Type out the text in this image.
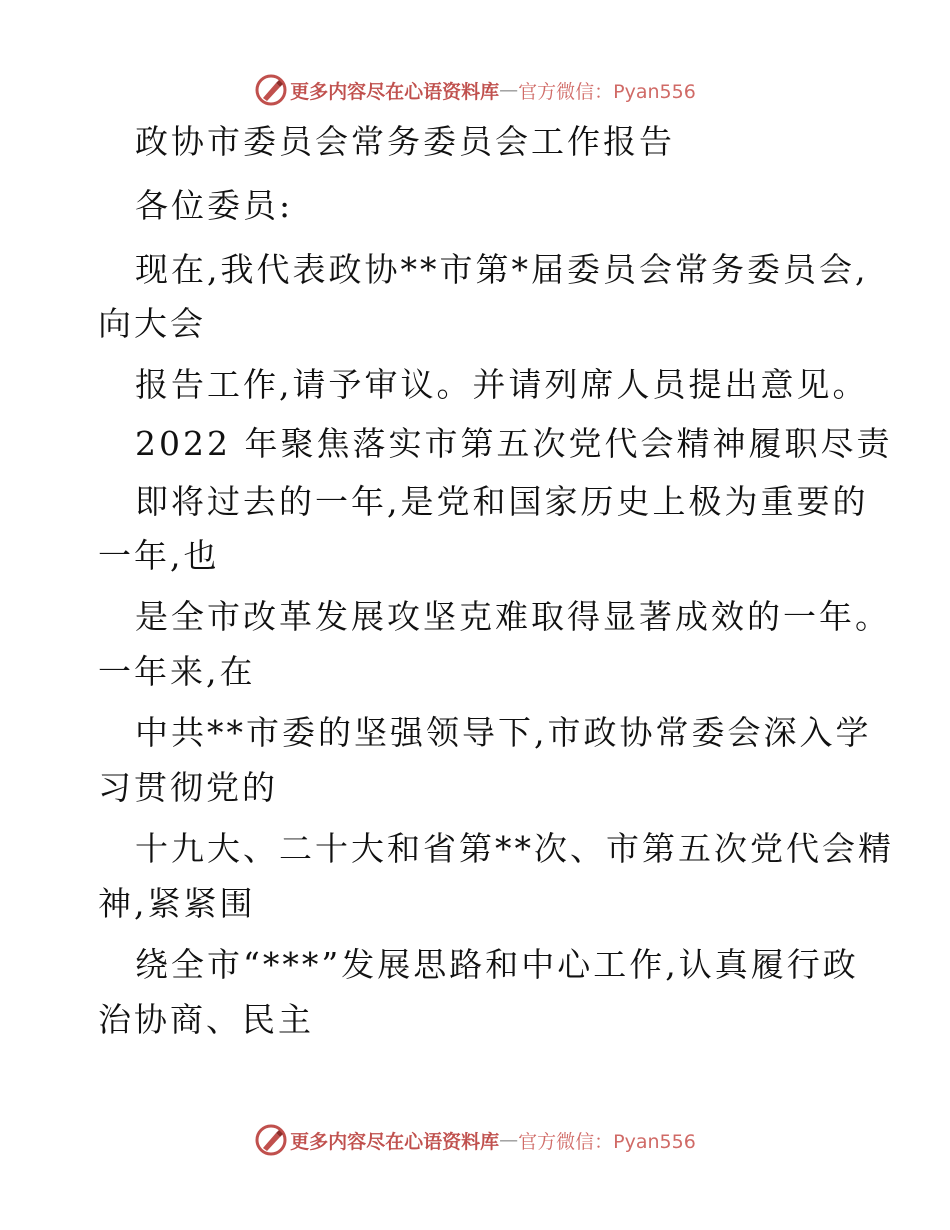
更多内容尽在心语资料库 — 官方微信：Pyan556
政协市委员会常务委员会工作报告
各位委员:
现在,我代表政协**市第*届委员会常务委员会,
向大会
报告工作,请予审议。并请列席人员提出意见。
2022 年聚焦落实市第五次党代会精神履职尽责
即将过去的一年,是党和国家历史上极为重要的
一年,也
是全市改革发展攻坚克难取得显著成效的一年。
一年来,在
中共**市委的坚强领导下,市政协常委会深入学
习贯彻党的
十九大、二十大和省第**次、市第五次党代会精
神,紧紧围
绕全市“***”发展思路和中心工作,认真履行政
治协商、民主
更多内容尽在心语资料库 — 官方微信：Pyan556
